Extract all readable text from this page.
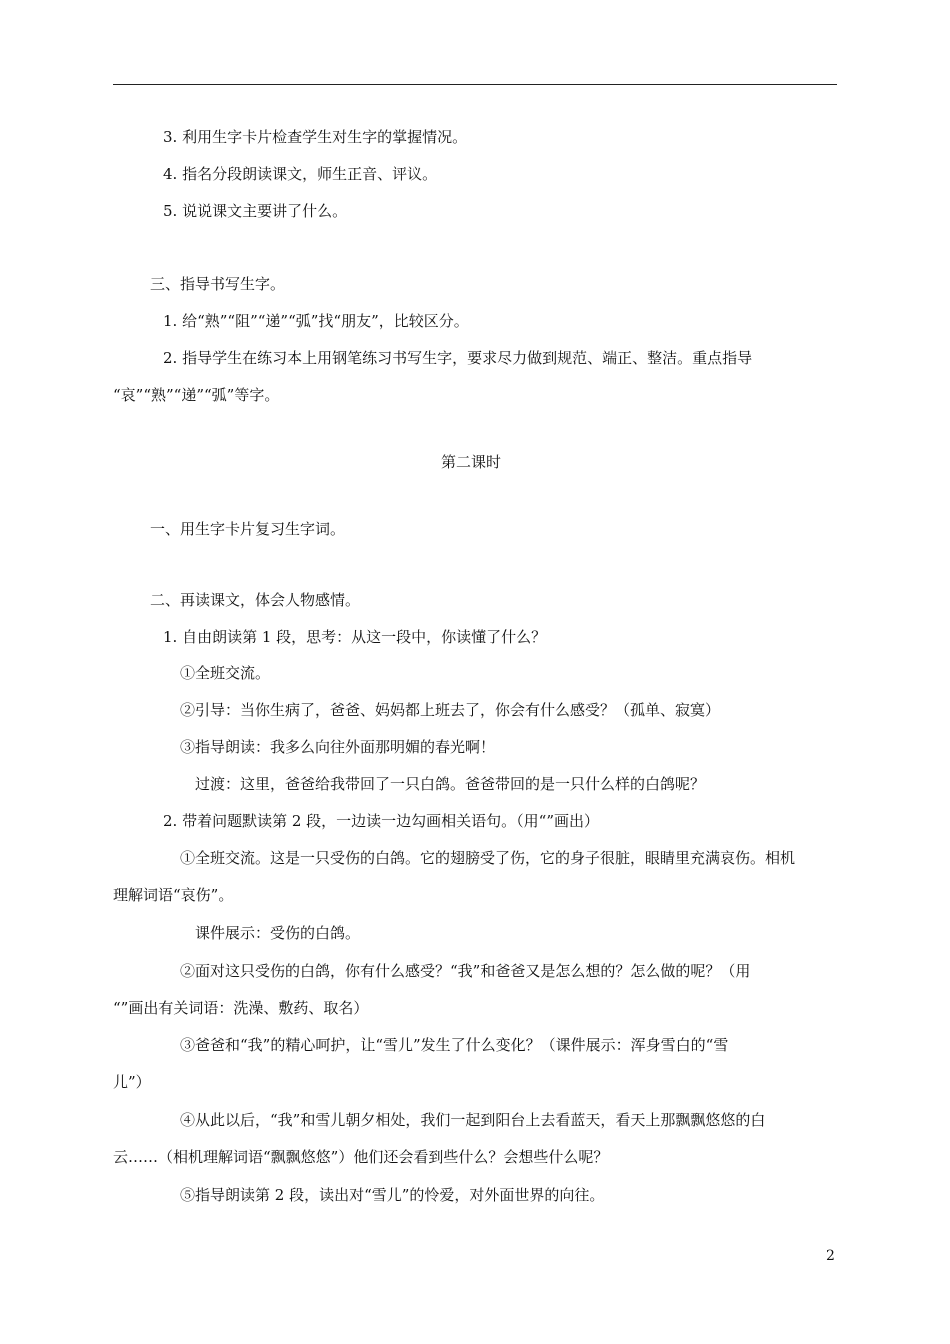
3. 利用生字卡片检查学生对生字的掌握情况。
4. 指名分段朗读课文，师生正音、评议。
5. 说说课文主要讲了什么。
三、指导书写生字。
1. 给“熟”“阻”“递”“弧”找“朋友”，比较区分。
2. 指导学生在练习本上用钢笔练习书写生字，要求尽力做到规范、端正、整洁。重点指导
“哀”“熟”“递”“弧”等字。
第二课时
一、用生字卡片复习生字词。
二、再读课文，体会人物感情。
1. 自由朗读第 1 段，思考：从这一段中，你读懂了什么？
①全班交流。
②引导：当你生病了，爸爸、妈妈都上班去了，你会有什么感受？（孤单、寂寞）
③指导朗读：我多么向往外面那明媚的春光啊！
过渡：这里，爸爸给我带回了一只白鸽。爸爸带回的是一只什么样的白鸽呢？
2. 带着问题默读第 2 段，一边读一边勾画相关语句。（用“”画出）
①全班交流。这是一只受伤的白鸽。它的翅膀受了伤，它的身子很脏，眼睛里充满哀伤。相机
理解词语“哀伤”。
课件展示：受伤的白鸽。
②面对这只受伤的白鸽，你有什么感受？“我”和爸爸又是怎么想的？怎么做的呢？（用
“”画出有关词语：洗澡、敷药、取名）
③爸爸和“我”的精心呵护，让“雪儿”发生了什么变化？（课件展示：浑身雪白的“雪
儿”）
④从此以后，“我”和雪儿朝夕相处，我们一起到阳台上去看蓝天，看天上那飘飘悠悠的白
云……（相机理解词语“飘飘悠悠”）他们还会看到些什么？会想些什么呢？
⑤指导朗读第 2 段，读出对“雪儿”的怜爱，对外面世界的向往。
2
